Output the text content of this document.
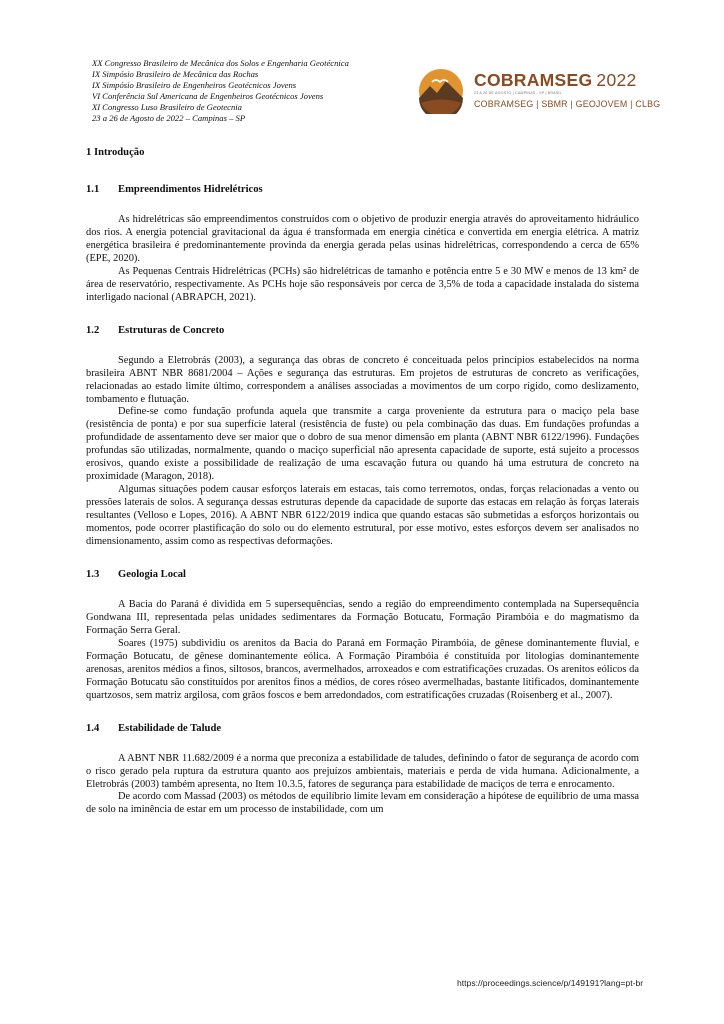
XX Congresso Brasileiro de Mecânica dos Solos e Engenharia Geotécnica
IX Simpósio Brasileiro de Mecânica das Rochas
IX Simpósio Brasileiro de Engenheiros Geotécnicos Jovens
VI Conferência Sul Americana de Engenheiros Geotécnicos Jovens
XI Congresso Luso Brasileiro de Geotecnia
23 a 26 de Agosto de 2022 – Campinas – SP
COBRAMSEG 2022
23 A 26 DE AGOSTO | CAMPINAS - SP | BRASIL
COBRAMSEG | SBMR | GEOJOVEM | CLBG
1 Introdução
1.1	Empreendimentos Hidrelétricos

As hidrelétricas são empreendimentos construídos com o objetivo de produzir energia através do aproveitamento hidráulico dos rios. A energia potencial gravitacional da água é transformada em energia cinética e convertida em energia elétrica. A matriz energética brasileira é predominantemente provinda da energia gerada pelas usinas hidrelétricas, correspondendo a cerca de 65% (EPE, 2020).

As Pequenas Centrais Hidrelétricas (PCHs) são hidrelétricas de tamanho e potência entre 5 e 30 MW e menos de 13 km² de área de reservatório, respectivamente. As PCHs hoje são responsáveis por cerca de 3,5% de toda a capacidade instalada do sistema interligado nacional (ABRAPCH, 2021).

1.2	Estruturas de Concreto

Segundo a Eletrobrás (2003), a segurança das obras de concreto é conceituada pelos princípios estabelecidos na norma brasileira ABNT NBR 8681/2004 – Ações e segurança das estruturas. Em projetos de estruturas de concreto as verificações, relacionadas ao estado limite último, correspondem a análises associadas a movimentos de um corpo rígido, como deslizamento, tombamento e flutuação.

Define-se como fundação profunda aquela que transmite a carga proveniente da estrutura para o maciço pela base (resistência de ponta) e por sua superfície lateral (resistência de fuste) ou pela combinação das duas. Em fundações profundas a profundidade de assentamento deve ser maior que o dobro de sua menor dimensão em planta (ABNT NBR 6122/1996). Fundações profundas são utilizadas, normalmente, quando o maciço superficial não apresenta capacidade de suporte, está sujeito a processos erosivos, quando existe a possibilidade de realização de uma escavação futura ou quando há uma estrutura de concreto na proximidade (Maragon, 2018).

Algumas situações podem causar esforços laterais em estacas, tais como terremotos, ondas, forças relacionadas a vento ou pressões laterais de solos. A segurança dessas estruturas depende da capacidade de suporte das estacas em relação às forças laterais resultantes (Velloso e Lopes, 2016). A ABNT NBR 6122/2019 indica que quando estacas são submetidas a esforços horizontais ou momentos, pode ocorrer plastificação do solo ou do elemento estrutural, por esse motivo, estes esforços devem ser analisados no dimensionamento, assim como as respectivas deformações.

1.3	Geologia Local

A Bacia do Paraná é dividida em 5 supersequências, sendo a região do empreendimento contemplada na Supersequência Gondwana III, representada pelas unidades sedimentares da Formação Botucatu, Formação Pirambóia e do magmatismo da Formação Serra Geral.

Soares (1975) subdividiu os arenitos da Bacia do Paraná em Formação Pirambóia, de gênese dominantemente fluvial, e Formação Botucatu, de gênese dominantemente eólica. A Formação Pirambóia é constituída por litologias dominantemente arenosas, arenitos médios a finos, siltosos, brancos, avermelhados, arroxeados e com estratificações cruzadas. Os arenitos eólicos da Formação Botucatu são constituídos por arenitos finos a médios, de cores róseo avermelhadas, bastante litificados, dominantemente quartzosos, sem matriz argilosa, com grãos foscos e bem arredondados, com estratificações cruzadas (Roisenberg et al., 2007).

1.4	Estabilidade de Talude

A ABNT NBR 11.682/2009 é a norma que preconiza a estabilidade de taludes, definindo o fator de segurança de acordo com o risco gerado pela ruptura da estrutura quanto aos prejuízos ambientais, materiais e perda de vida humana. Adicionalmente, a Eletrobrás (2003) também apresenta, no Item 10.3.5, fatores de segurança para estabilidade de maciços de terra e enrocamento.

De acordo com Massad (2003) os métodos de equilíbrio limite levam em consideração a hipótese de equilíbrio de uma massa de solo na iminência de estar em um processo de instabilidade, com um

https://proceedings.science/p/149191?lang=pt-br
